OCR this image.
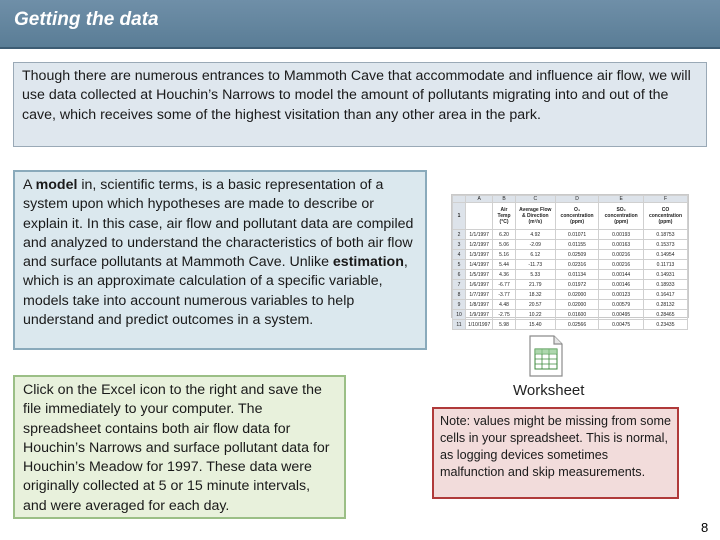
Getting the data
Though there are numerous entrances to Mammoth Cave that accommodate and influence air flow, we will use data collected at Houchin’s Narrows to model the amount of pollutants migrating into and out of the cave, which receives some of the highest visitation than any other area in the park.
A model in, scientific terms, is a basic representation of a system upon which hypotheses are made to describe or explain it. In this case, air flow and pollutant data are compiled and analyzed to understand the characteristics of both air flow and surface pollutants at Mammoth Cave. Unlike estimation, which is an approximate calculation of a specific variable, models take into account numerous variables to help understand and predict outcomes in a system.
	A	B	C	D	E	F
1		Air Temp (°C)	Average Flow & Direction (m³/s)	O₃ concentration (ppm)	SO₂ concentration (ppm)	CO concentration (ppm)
2	1/1/1997	6.20	4.92	0.01071	0.00193	0.18753
3	1/2/1997	5.06	-2.09	0.01155	0.00163	0.15373
4	1/3/1997	5.16	6.12	0.02509	0.00216	0.14954
5	1/4/1997	5.44	-11.73	0.02316	0.00216	0.11713
6	1/5/1997	4.36	5.33	0.01134	0.00144	0.14931
7	1/6/1997	-6.77	21.79	0.01972	0.00146	0.18933
8	1/7/1997	-3.77	18.32	0.02000	0.00123	0.16417
9	1/8/1997	4.48	20.57	0.02000	0.00579	0.28132
10	1/9/1997	-2.75	10.22	0.01600	0.00495	0.28465
11	1/10/1997	5.98	15.40	0.02566	0.00475	0.23435
Worksheet
Click on the Excel icon to the right and save the file immediately to your computer. The spreadsheet contains both air flow data for Houchin’s Narrows and surface pollutant data for Houchin’s Meadow for 1997. These data were originally collected at 5 or 15 minute intervals, and were averaged for each day.
Note: values might be missing from some cells in your spreadsheet. This is normal, as logging devices sometimes malfunction and skip measurements.
8
